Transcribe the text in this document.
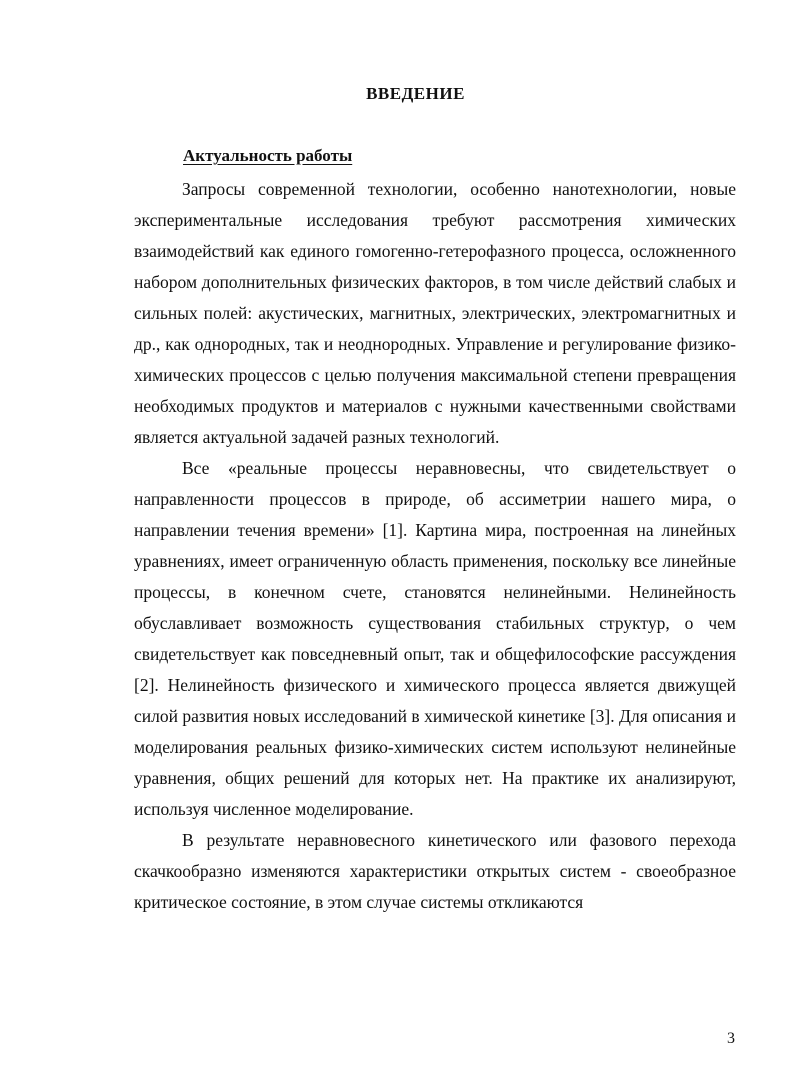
ВВЕДЕНИЕ
Актуальность работы

Запросы современной технологии, особенно нанотехнологии, новые экспериментальные исследования требуют рассмотрения химических взаимодействий как единого гомогенно-гетерофазного процесса, осложненного набором дополнительных физических факторов, в том числе действий слабых и сильных полей: акустических, магнитных, электрических, электромагнитных и др., как однородных, так и неоднородных. Управление и регулирование физико-химических процессов с целью получения максимальной степени превращения необходимых продуктов и материалов с нужными качественными свойствами является актуальной задачей разных технологий.

Все «реальные процессы неравновесны, что свидетельствует о направленности процессов в природе, об ассиметрии нашего мира, о направлении течения времени» [1]. Картина мира, построенная на линейных уравнениях, имеет ограниченную область применения, поскольку все линейные процессы, в конечном счете, становятся нелинейными. Нелинейность обуславливает возможность существования стабильных структур, о чем свидетельствует как повседневный опыт, так и общефилософские рассуждения [2]. Нелинейность физического и химического процесса является движущей силой развития новых исследований в химической кинетике [3]. Для описания и моделирования реальных физико-химических систем используют нелинейные уравнения, общих решений для которых нет. На практике их анализируют, используя численное моделирование.

В результате неравновесного кинетического или фазового перехода скачкообразно изменяются характеристики открытых систем - своеобразное критическое состояние, в этом случае системы откликаются

3
